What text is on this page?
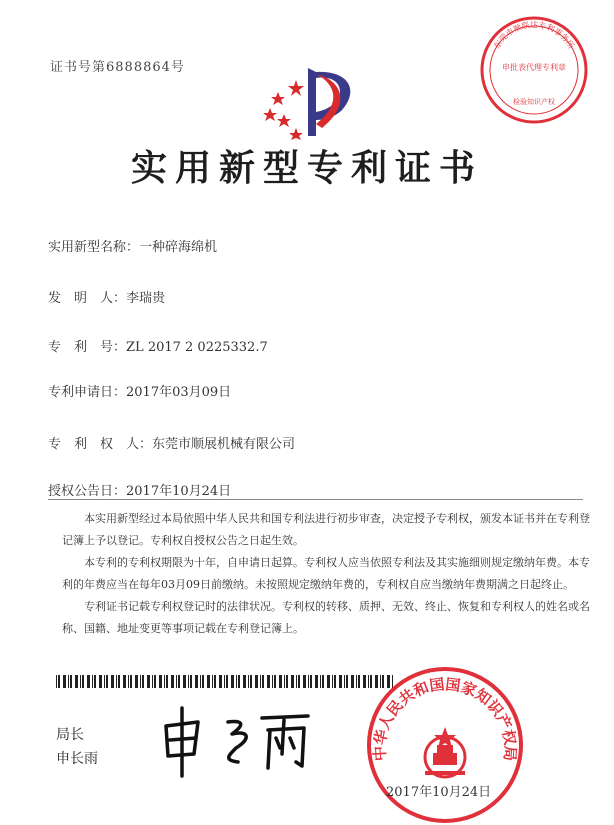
证书号第6888864号
东莞市顺联达专利事务所
申批表代理专利章
检验知识产权
实用新型专利证书
实用新型名称：一种碎海绵机
发　明　人：李瑞贵
专　利　号：ZL 2017 2 0225332.7
专利申请日：2017年03月09日
专　利　权　人：东莞市顺展机械有限公司
授权公告日：2017年10月24日

本实用新型经过本局依照中华人民共和国专利法进行初步审查，决定授予专利权，颁发本证书并在专利登记簿上予以登记。专利权自授权公告之日起生效。

本专利的专利权期限为十年，自申请日起算。专利权人应当依照专利法及其实施细则规定缴纳年费。本专利的年费应当在每年03月09日前缴纳。未按照规定缴纳年费的，专利权自应当缴纳年费期满之日起终止。

专利证书记载专利权登记时的法律状况。专利权的转移、质押、无效、终止、恢复和专利权人的姓名或名称、国籍、地址变更等事项记载在专利登记簿上。

局长
申长雨	中华人民共和国国家知识产权局
2017年10月24日
